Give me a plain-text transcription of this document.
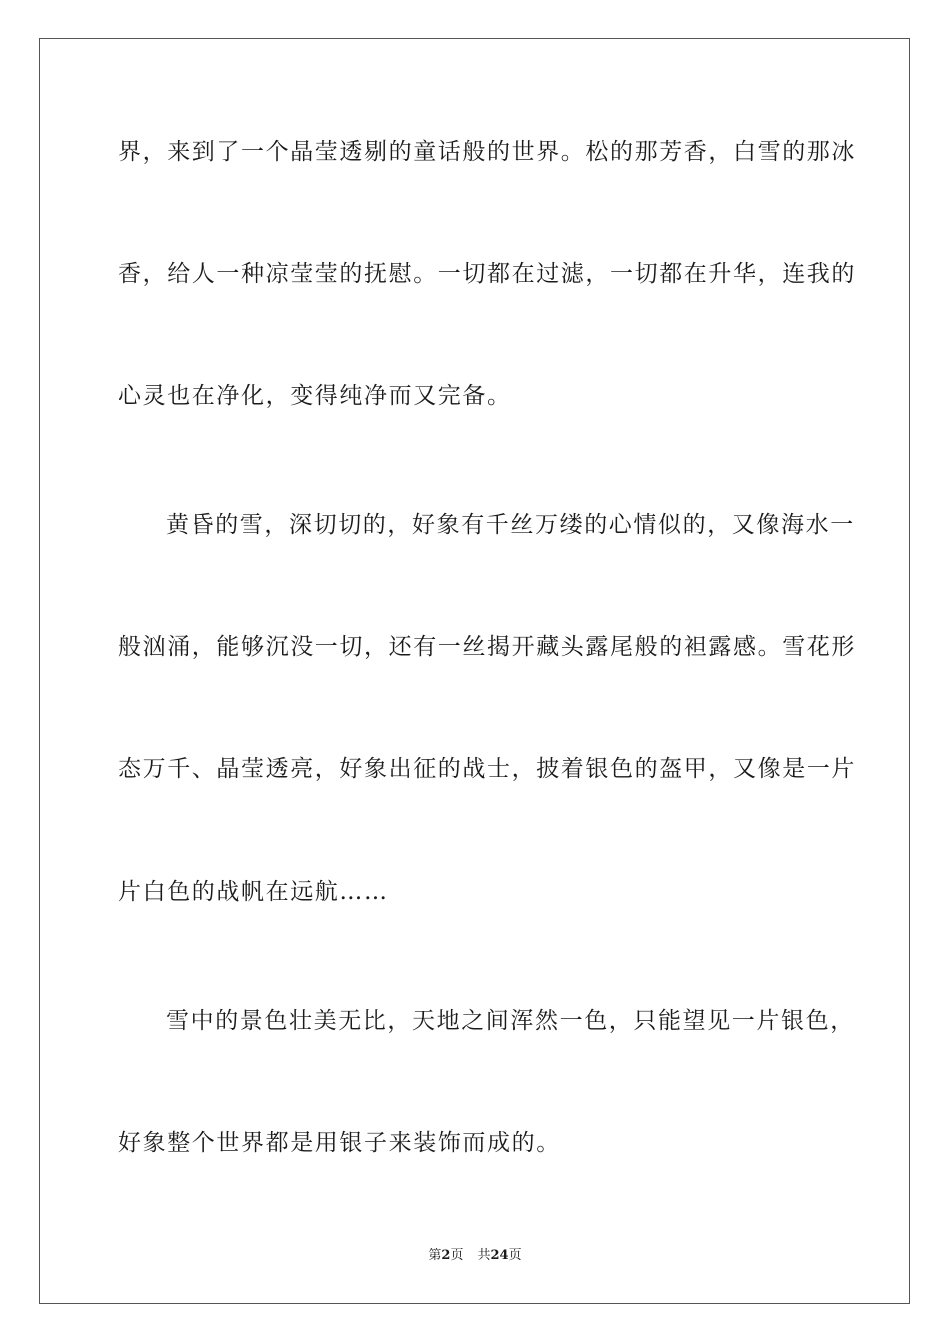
界，来到了一个晶莹透剔的童话般的世界。松的那芳香，白雪的那冰
香，给人一种凉莹莹的抚慰。一切都在过滤，一切都在升华，连我的
心灵也在净化，变得纯净而又完备。
黄昏的雪，深切切的，好象有千丝万缕的心情似的，又像海水一
般汹涌，能够沉没一切，还有一丝揭开藏头露尾般的袒露感。雪花形
态万千、晶莹透亮，好象出征的战士，披着银色的盔甲，又像是一片
片白色的战帆在远航……
雪中的景色壮美无比，天地之间浑然一色，只能望见一片银色，
好象整个世界都是用银子来装饰而成的。
第2页 共24页
